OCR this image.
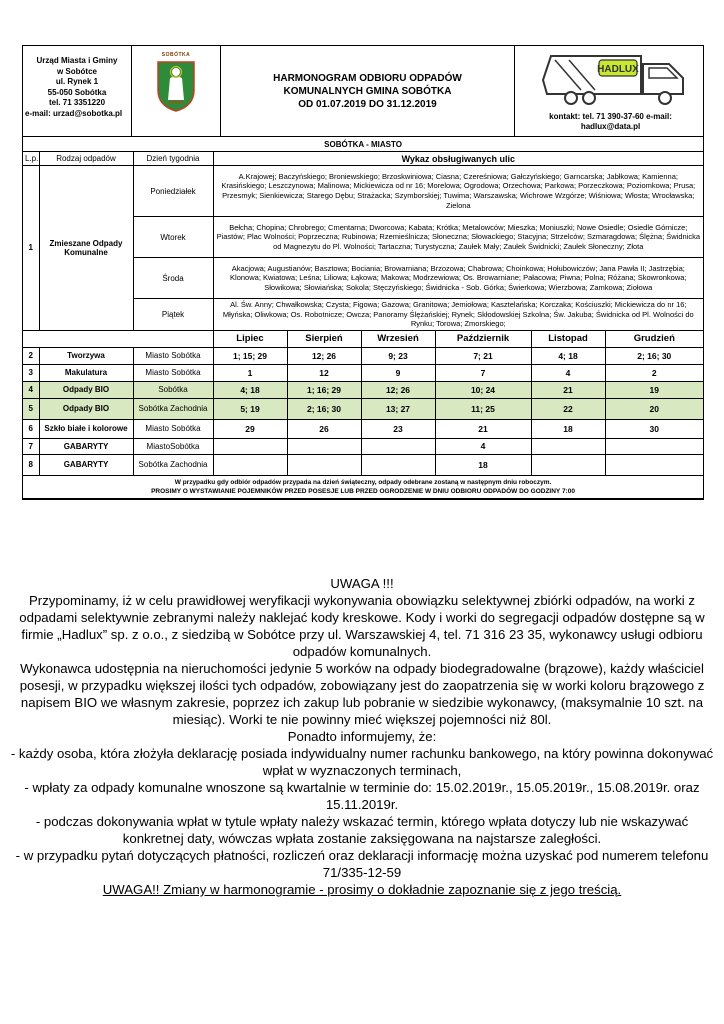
Urząd Miasta i Gminy
w Sobótce
ul. Rynek 1
55-050 Sobótka
tel. 71 3351220
e-mail: urzad@sobotka.pl
SOBÓTKA
HARMONOGRAM ODBIORU ODPADÓW
KOMUNALNYCH GMINA SOBÓTKA
OD 01.07.2019 DO 31.12.2019
HADLUX
kontakt: tel. 71 390-37-60 e-mail:
hadlux@data.pl
SOBÓTKA - MIASTO								
L.p.	Rodzaj odpadów	Dzień tygodnia	Wykaz obsługiwanych ulic					
1	Zmieszane Odpady Komunalne	Poniedziałek	A.Krajowej; Baczyńskiego; Broniewskiego; Brzoskwiniowa; Ciasna; Czereśniowa; Gałczyńskiego; Garncarska; Jabłkowa; Kamienna; Krasińskiego; Leszczynowa; Malinowa; Mickiewicza od nr 16; Morelowa; Ogrodowa; Orzechowa; Parkowa; Porzeczkowa; Poziomkowa; Prusa; Przesmyk; Sienkiewicza; Starego Dębu; Strażacka; Szymborskiej; Tuwima; Warszawska; Wichrowe Wzgórze; Wiśniowa; Włosta; Wrocławska; Zielona					
		Wtorek	Bełcha; Chopina; Chrobrego; Cmentarna; Dworcowa; Kabata; Krótka; Metalowców; Mieszka; Moniuszki; Nowe Osiedle; Osiedle Górnicze; Piastów; Plac Wolności; Poprzeczna; Rubinowa; Rzemieślnicza; Słoneczna; Słowackiego; Stacyjna; Strzelców; Szmaragdowa; Ślężna; Świdnicka od Magnezytu do Pl. Wolności; Tartaczna; Turystyczna; Zaułek Mały; Zaułek Świdnicki; Zaułek Słoneczny; Złota					
		Środa	Akacjowa; Augustianów; Basztowa; Bociania; Browarniana; Brzozowa; Chabrowa; Choinkowa; Hołubowiczów; Jana Pawła II; Jastrzębia; Klonowa; Kwiatowa; Leśna; Liliowa; Łąkowa; Makowa; Modrzewiowa; Os. Browarniane; Pałacowa; Piwna; Polna; Różana; Skowronkowa; Słowikowa; Słowiańska; Sokola; Stęczyńskiego; Świdnicka - Sob. Górka; Świerkowa; Wierzbowa; Zamkowa; Ziołowa					
		Piątek	Al. Św. Anny; Chwałkowska; Czysta; Figowa; Gazowa; Granitowa; Jemiołowa; Kasztelańska; Korczaka; Kościuszki; Mickiewicza do nr 16; Młyńska; Oliwkowa; Os. Robotnicze; Owcza; Panoramy Ślężańskiej; Rynek; Skłodowskiej Szkolna; Św. Jakuba; Świdnicka od Pl. Wolności do Rynku; Torowa; Zmorskiego;					
			Lipiec	Sierpień	Wrzesień	Październik	Listopad	Grudzień
2	Tworzywa	Miasto Sobótka	1; 15; 29	12; 26	9; 23	7; 21	4; 18	2; 16; 30
3	Makulatura	Miasto Sobótka	1	12	9	7	4	2
4	Odpady BIO	Sobótka	4; 18	1; 16; 29	12; 26	10; 24	21	19
5	Odpady BIO	Sobótka Zachodnia	5; 19	2; 16; 30	13; 27	11; 25	22	20
6	Szkło białe i kolorowe	Miasto Sobótka	29	26	23	21	18	30
7	GABARYTY	MiastoSobótka				4		
8	GABARYTY	Sobótka Zachodnia				18		

W przypadku gdy odbiór odpadów przypada na dzień świąteczny, odpady odebrane zostaną w następnym dniu roboczym.
PROSIMY O WYSTAWIANIE POJEMNIKÓW PRZED POSESJE LUB PRZED OGRODZENIE W DNIU ODBIORU ODPADÓW DO GODZINY 7:00								

UWAGA !!!

Przypominamy, iż w celu prawidłowej weryfikacji wykonywania obowiązku selektywnej zbiórki odpadów, na worki z odpadami selektywnie zebranymi należy naklejać kody kreskowe. Kody i worki do segregacji odpadów dostępne są w firmie „Hadlux” sp. z o.o., z siedzibą w Sobótce przy ul. Warszawskiej 4, tel. 71 316 23 35, wykonawcy usługi odbioru odpadów komunalnych.

Wykonawca udostępnia na nieruchomości jedynie 5 worków na odpady biodegradowalne (brązowe), każdy właściciel posesji, w przypadku większej ilości tych odpadów, zobowiązany jest do zaopatrzenia się w worki koloru brązowego z napisem BIO we własnym zakresie, poprzez ich zakup lub pobranie w siedzibie wykonawcy, (maksymalnie 10 szt. na miesiąc). Worki te nie powinny mieć większej pojemności niż 80l.

Ponadto informujemy, że:

- każdy osoba, która złożyła deklarację posiada indywidualny numer rachunku bankowego, na który powinna dokonywać wpłat w wyznaczonych terminach,

- wpłaty za odpady komunalne wnoszone są kwartalnie w terminie do: 15.02.2019r., 15.05.2019r., 15.08.2019r. oraz 15.11.2019r.

- podczas dokonywania wpłat w tytule wpłaty należy wskazać termin, którego wpłata dotyczy lub nie wskazywać konkretnej daty, wówczas wpłata zostanie zaksięgowana na najstarsze zaległości.

- w przypadku pytań dotyczących płatności, rozliczeń oraz deklaracji informację można uzyskać pod numerem telefonu 71/335-12-59

UWAGA!! Zmiany w harmonogramie - prosimy o dokładnie zapoznanie się z jego treścią.
